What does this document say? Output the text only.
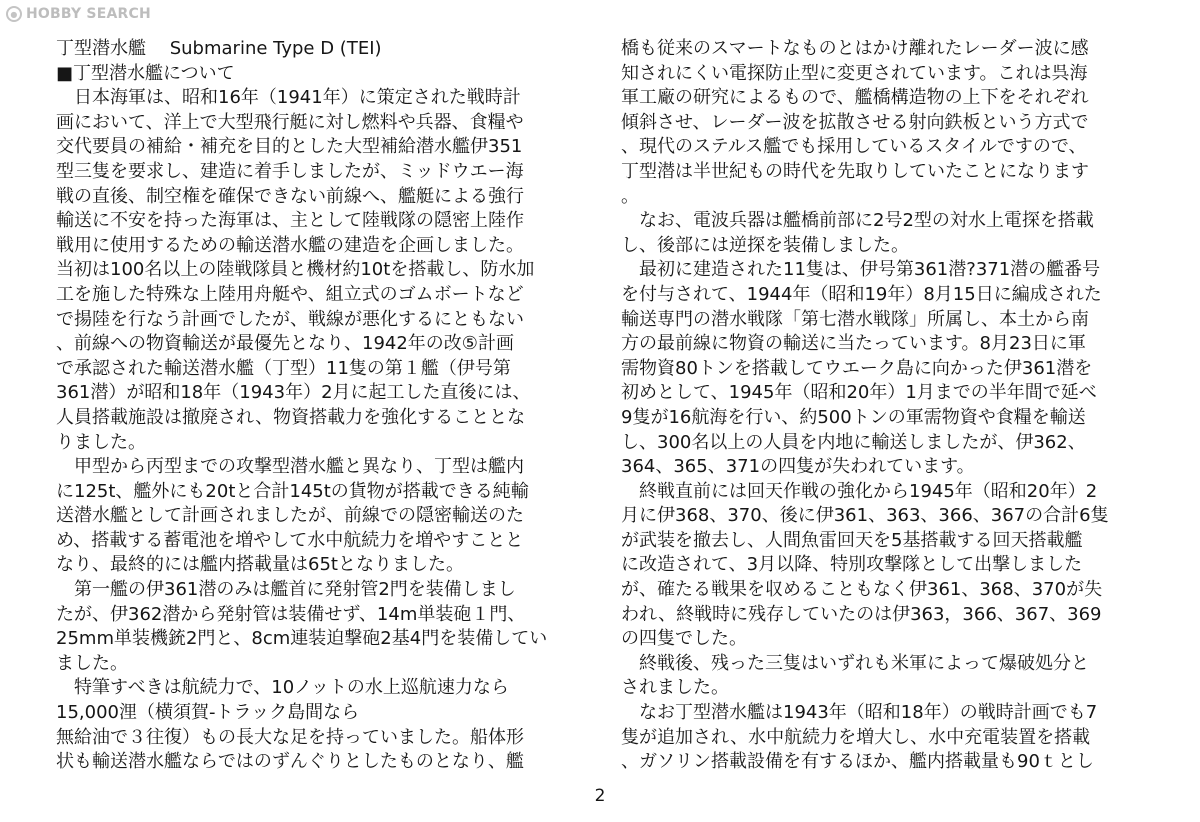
● HOBBY SEARCH
丁型潜水艦　 Submarine Type D (TEI)
■丁型潜水艦について
　日本海軍は、昭和16年（1941年）に策定された戦時計
画において、洋上で大型飛行艇に対し燃料や兵器、食糧や
交代要員の補給・補充を目的とした大型補給潜水艦伊351
型三隻を要求し、建造に着手しましたが、ミッドウエー海
戦の直後、制空権を確保できない前線へ、艦艇による強行
輸送に不安を持った海軍は、主として陸戦隊の隠密上陸作
戦用に使用するための輸送潜水艦の建造を企画しました。
当初は100名以上の陸戦隊員と機材約10tを搭載し、防水加
工を施した特殊な上陸用舟艇や、組立式のゴムボートなど
で揚陸を行なう計画でしたが、戦線が悪化するにともない
、前線への物資輸送が最優先となり、1942年の改⑤計画
で承認された輸送潜水艦（丁型）11隻の第１艦（伊号第
361潜）が昭和18年（1943年）2月に起工した直後には、
人員搭載施設は撤廃され、物資搭載力を強化することとな
りました。
　甲型から丙型までの攻撃型潜水艦と異なり、丁型は艦内
に125t、艦外にも20tと合計145tの貨物が搭載できる純輸
送潜水艦として計画されましたが、前線での隠密輸送のた
め、搭載する蓄電池を増やして水中航続力を増やすことと
なり、最終的には艦内搭載量は65tとなりました。
　第一艦の伊361潜のみは艦首に発射管2門を装備しまし
たが、伊362潜から発射管は装備せず、14m単装砲１門、
25mm単装機銃2門と、8cm連装迫撃砲2基4門を装備してい
ました。
　特筆すべきは航続力で、10ノットの水上巡航速力なら
15,000浬（横須賀-トラック島間なら
無給油で３往復）もの長大な足を持っていました。船体形
状も輸送潜水艦ならではのずんぐりとしたものとなり、艦
橋も従来のスマートなものとはかけ離れたレーダー波に感
知されにくい電探防止型に変更されています。これは呉海
軍工廠の研究によるもので、艦橋構造物の上下をそれぞれ
傾斜させ、レーダー波を拡散させる射向鉄板という方式で
、現代のステルス艦でも採用しているスタイルですので、
丁型潜は半世紀もの時代を先取りしていたことになります
。
　なお、電波兵器は艦橋前部に2号2型の対水上電探を搭載
し、後部には逆探を装備しました。
　最初に建造された11隻は、伊号第361潜?371潜の艦番号
を付与されて、1944年（昭和19年）8月15日に編成された
輸送専門の潜水戦隊「第七潜水戦隊」所属し、本土から南
方の最前線に物資の輸送に当たっています。8月23日に軍
需物資80トンを搭載してウエーク島に向かった伊361潜を
初めとして、1945年（昭和20年）1月までの半年間で延べ
9隻が16航海を行い、約500トンの軍需物資や食糧を輸送
し、300名以上の人員を内地に輸送しましたが、伊362、
364、365、371の四隻が失われています。
　終戦直前には回天作戦の強化から1945年（昭和20年）2
月に伊368、370、後に伊361、363、366、367の合計6隻
が武装を撤去し、人間魚雷回天を5基搭載する回天搭載艦
に改造されて、3月以降、特別攻撃隊として出撃しました
が、確たる戦果を収めることもなく伊361、368、370が失
われ、終戦時に残存していたのは伊363，366、367、369
の四隻でした。
　終戦後、残った三隻はいずれも米軍によって爆破処分と
されました。
　なお丁型潜水艦は1943年（昭和18年）の戦時計画でも7
隻が追加され、水中航続力を増大し、水中充電装置を搭載
、ガソリン搭載設備を有するほか、艦内搭載量も90ｔとし
2
